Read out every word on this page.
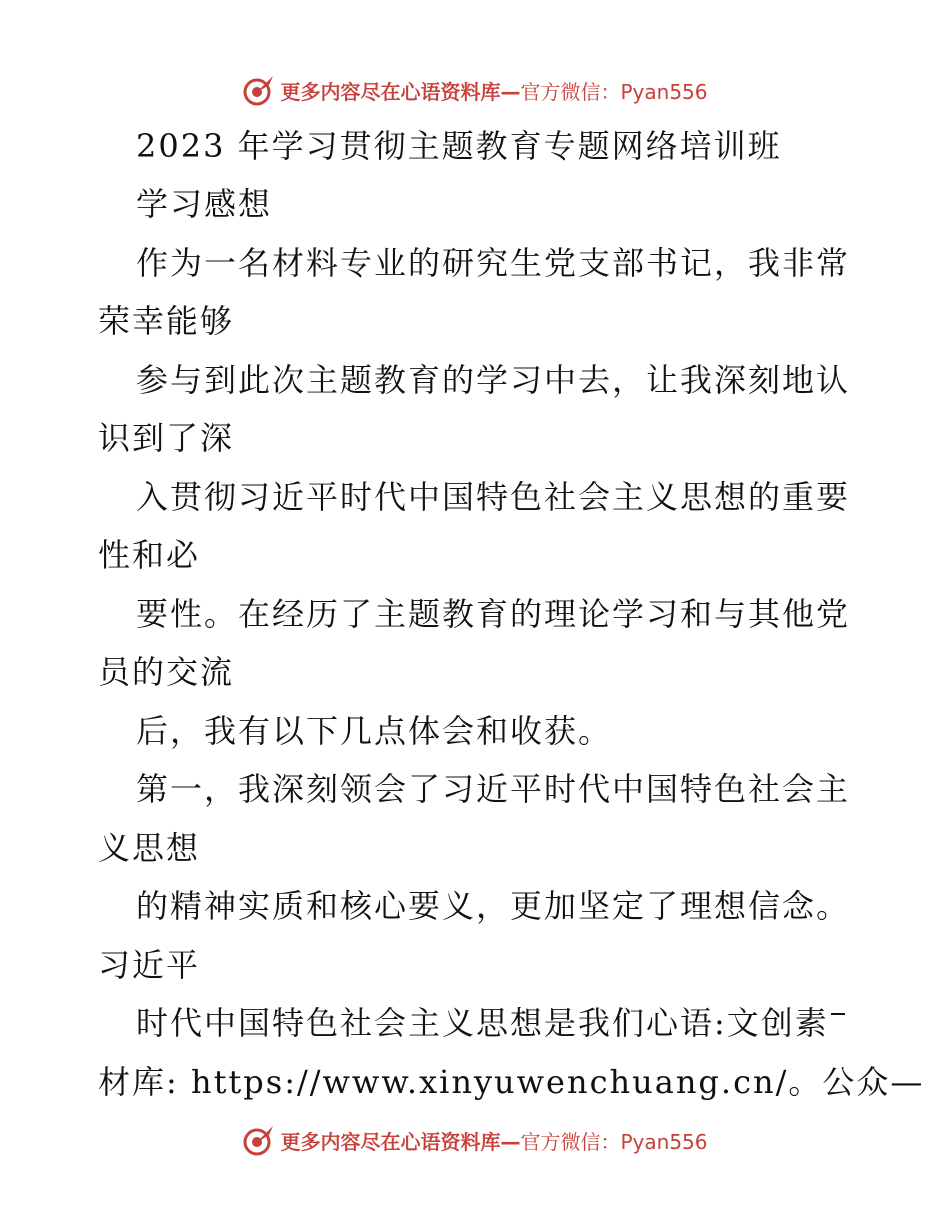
更多内容尽在心语资料库—官方微信：Pyan556
2023 年学习贯彻主题教育专题网络培训班
学习感想
作为一名材料专业的研究生党支部书记，我非常
荣幸能够
参与到此次主题教育的学习中去，让我深刻地认
识到了深
入贯彻习近平时代中国特色社会主义思想的重要
性和必
要性。在经历了主题教育的理论学习和与其他党
员的交流
后，我有以下几点体会和收获。
第一，我深刻领会了习近平时代中国特色社会主
义思想
的精神实质和核心要义，更加坚定了理想信念。
习近平
时代中国特色社会主义思想是我们心语:文创素
材库: https://www.xinyuwenchuang.cn/。公众—
更多内容尽在心语资料库—官方微信：Pyan556
